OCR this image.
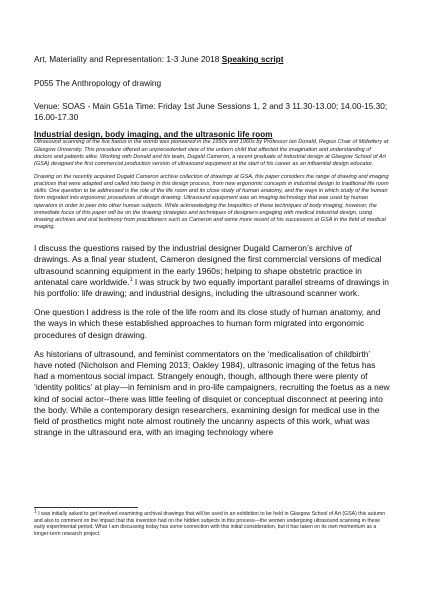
Art, Materiality and Representation: 1-3 June 2018 Speaking script
P055 The Anthropology of drawing
Venue: SOAS - Main G51a Time: Friday 1st June Sessions 1, 2 and 3 11.30-13.00; 14.00-15.30; 16.00-17.30
Industrial design, body imaging, and the ultrasonic life room

Ultrasound scanning of the live foetus in the womb was pioneered in the 1950s and 1960s by Professor Ian Donald, Regius Chair of Midwifery at Glasgow University. This procedure offered an unprecedented view of the unborn child that affected the imagination and understanding of doctors and patients alike. Working with Donald and his team, Dugald Cameron, a recent graduate of industrial design at Glasgow School of Art (GSA) designed the first commercial production version of ultrasound equipment at the start of his career as an influential design educator.

Drawing on the recently acquired Dugald Cameron archive collection of drawings at GSA, this paper considers the range of drawing and imaging practices that were adapted and called into being in this design process, from new ergonomic concepts in industrial design to traditional life room skills. One question to be addressed is the role of the life room and its close study of human anatomy, and the ways in which study of the human form migrated into ergonomic procedures of design drawing. Ultrasound equipment was an imaging technology that was used by human operators in order to peer into other human subjects. While acknowledging the biopolitics of these techniques of body imaging, however, the immediate focus of this paper will be on the drawing strategies and techniques of designers engaging with medical industrial design, using drawing archives and oral testimony from practitioners such as Cameron and some more recent of his successors at GSA in the field of medical imaging.

I discuss the questions raised by the industrial designer Dugald Cameron’s archive of drawings. As a final year student, Cameron designed the first commercial versions of medical ultrasound scanning equipment in the early 1960s; helping to shape obstetric practice in antenatal care worldwide.$^1$ I was struck by two equally important parallel streams of drawings in his portfolio: life drawing; and industrial designs, including the ultrasound scanner work.

One question I address is the role of the life room and its close study of human anatomy, and the ways in which these established approaches to human form migrated into ergonomic procedures of design drawing.

As historians of ultrasound, and feminist commentators on the ‘medicalisation of childbirth’ have noted (Nicholson and Fleming 2013; Oakley 1984), ultrasonic imaging of the fetus has had a momentous social impact. Strangely enough, though, although there were plenty of ‘identity politics’ at play—in feminism and in pro-life campaigners, recruiting the foetus as a new kind of social actor--there was little feeling of disquiet or conceptual disconnect at peering into the body. While a contemporary design researchers, examining design for medical use in the field of prosthetics might note almost routinely the uncanny aspects of this work, what was strange in the ultrasound era, with an imaging technology where

$^1$ I was initially asked to get involved examining archival drawings that will be used in an exhibition to be held in Glasgow School of Art (GSA) this autumn and also to comment on the impact that this invention had on the hidden subjects in this process—the women undergoing ultrasound scanning in these early experimental period. What I am discussing today has some connection with this initial consideration, but it has taken on its own momentum as a longer-term research project.
